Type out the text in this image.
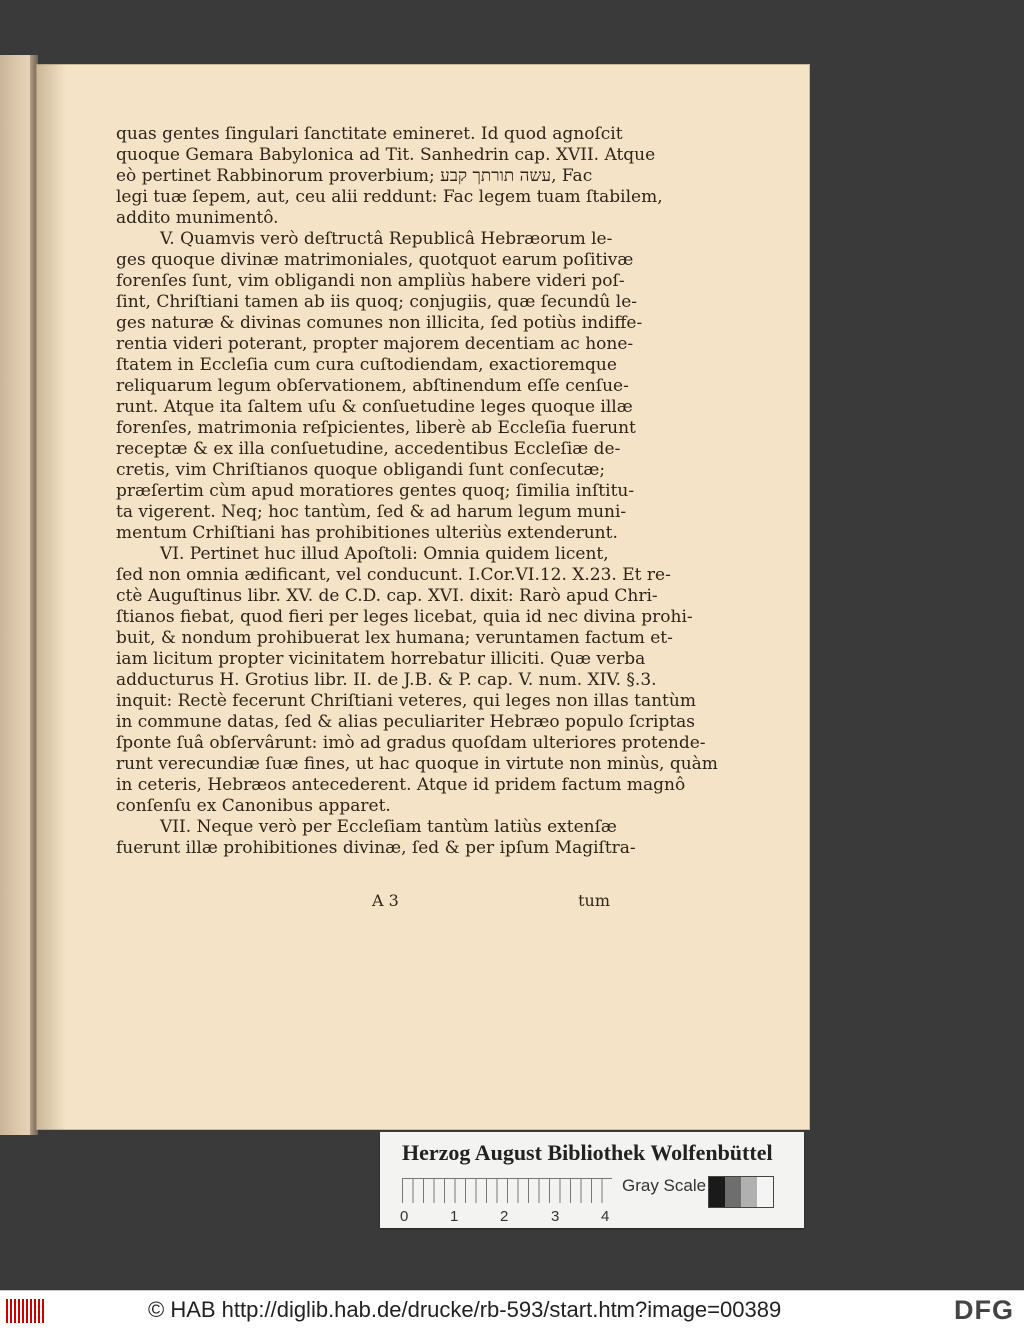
quas gentes ſingulari ſanctitate emineret. Id quod agnoſcit
quoque Gemara Babylonica ad Tit. Sanhedrin cap. XVII. Atque
eò pertinet Rabbinorum proverbium; עשה תורתך קבע, Fac
legi tuæ ſepem, aut, ceu alii reddunt: Fac legem tuam ſtabilem,
addito munimentô.
V. Quamvis verò deſtructâ Republicâ Hebræorum le-
ges quoque divinæ matrimoniales, quotquot earum poſitivæ
forenſes ſunt, vim obligandi non ampliùs habere videri poſ-
ſint, Chriſtiani tamen ab iis quoq; conjugiis, quæ ſecundû le-
ges naturæ & divinas comunes non illicita, ſed potiùs indiffe-
rentia videri poterant, propter majorem decentiam ac hone-
ſtatem in Eccleſia cum cura cuſtodiendam, exactioremque
reliquarum legum obſervationem, abſtinendum eſſe cenſue-
runt. Atque ita ſaltem uſu & conſuetudine leges quoque illæ
forenſes, matrimonia reſpicientes, liberè ab Eccleſia fuerunt
receptæ & ex illa conſuetudine, accedentibus Eccleſiæ de-
cretis, vim Chriſtianos quoque obligandi ſunt conſecutæ;
præſertim cùm apud moratiores gentes quoq; ſimilia inſtitu-
ta vigerent. Neq; hoc tantùm, ſed & ad harum legum muni-
mentum Crhiſtiani has prohibitiones ulteriùs extenderunt.
VI. Pertinet huc illud Apoſtoli: Omnia quidem licent,
ſed non omnia ædificant, vel conducunt. I.Cor.VI.12. X.23. Et re-
ctè Auguſtinus libr. XV. de C.D. cap. XVI. dixit: Rarò apud Chri-
ſtianos fiebat, quod fieri per leges licebat, quia id nec divina prohi-
buit, & nondum prohibuerat lex humana; veruntamen factum et-
iam licitum propter vicinitatem horrebatur illiciti. Quæ verba
adducturus H. Grotius libr. II. de J.B. & P. cap. V. num. XIV. §.3.
inquit: Rectè fecerunt Chriſtiani veteres, qui leges non illas tantùm
in commune datas, ſed & alias peculiariter Hebræo populo ſcriptas
ſponte ſuâ obſervârunt: imò ad gradus quoſdam ulteriores protende-
runt verecundiæ ſuæ fines, ut hac quoque in virtute non minùs, quàm
in ceteris, Hebræos antecederent. Atque id pridem factum magnô
conſenſu ex Canonibus apparet.
VII. Neque verò per Eccleſiam tantùm latiùs extenſæ
fuerunt illæ prohibitiones divinæ, ſed & per ipſum Magiſtra-
A 3	tum
Herzog August Bibliothek Wolfenbüttel
0	1	2	3	4
Gray Scale
© HAB http://diglib.hab.de/drucke/rb-593/start.htm?image=00389	DFG
